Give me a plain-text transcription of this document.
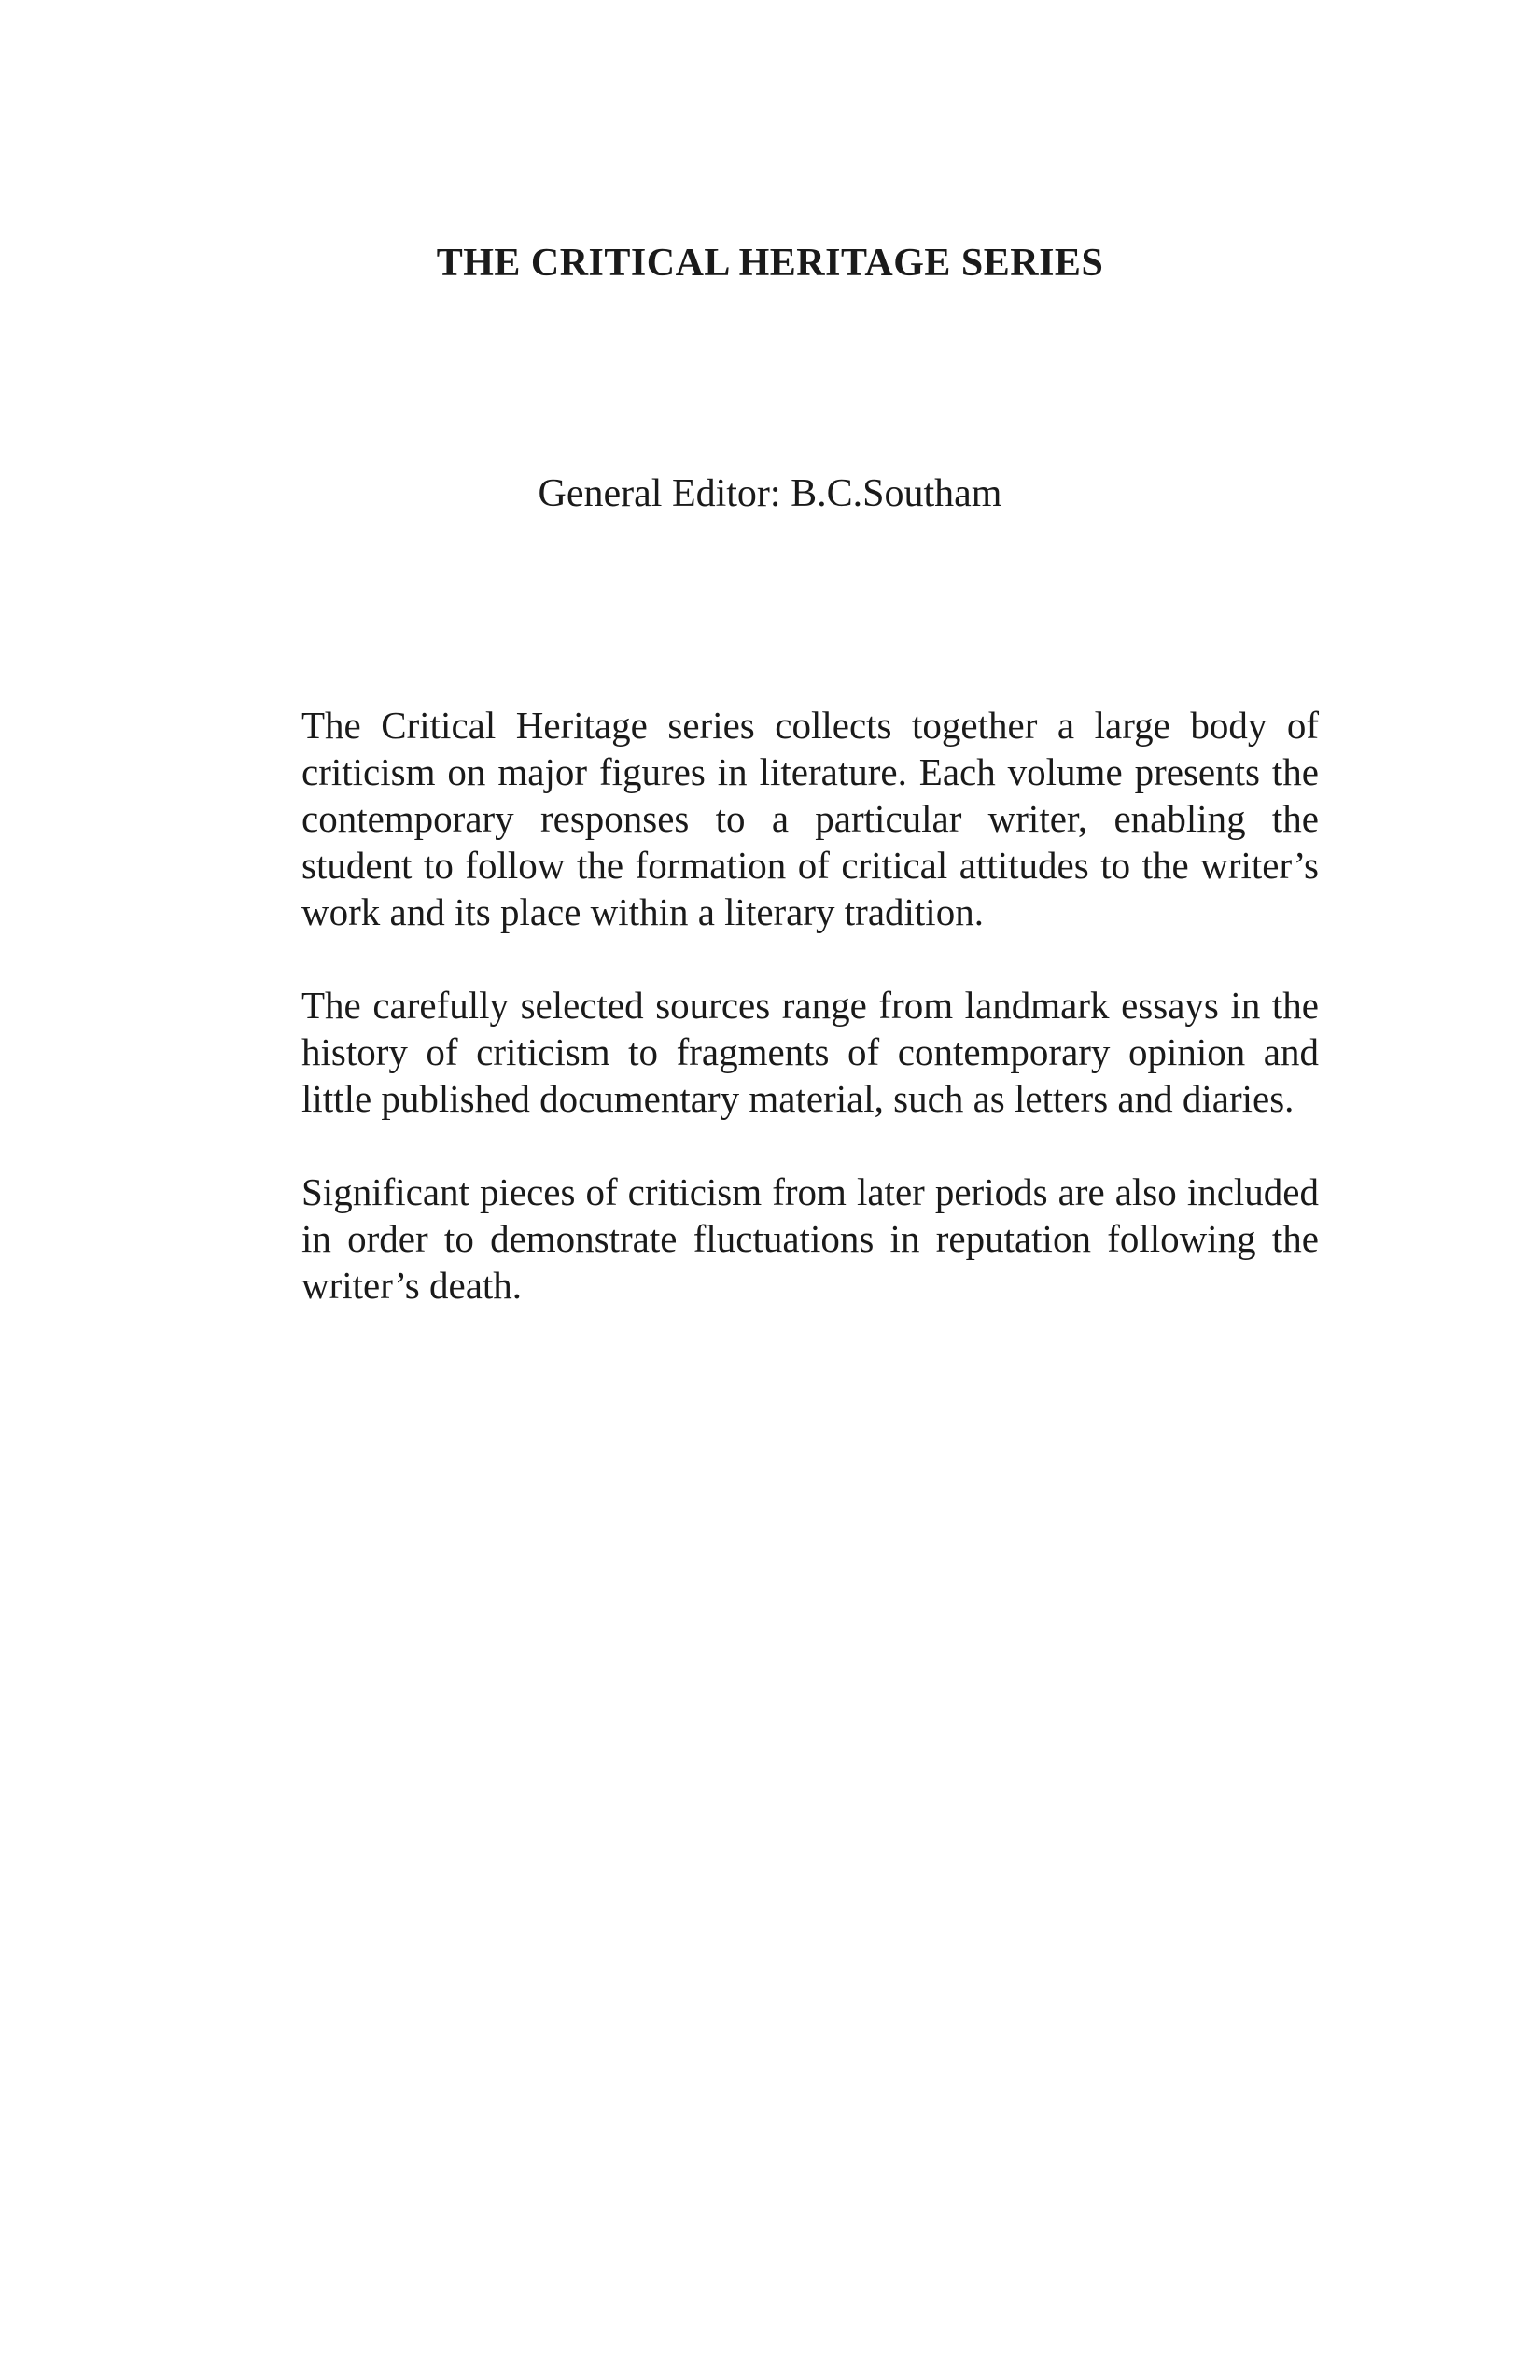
THE CRITICAL HERITAGE SERIES

General Editor: B.C.Southam

The Critical Heritage series collects together a large body of criticism on major figures in literature. Each volume presents the contemporary responses to a particular writer, enabling the student to follow the formation of critical attitudes to the writer’s work and its place within a literary tradition.

The carefully selected sources range from landmark essays in the history of criticism to fragments of contemporary opinion and little published documentary material, such as letters and diaries.

Significant pieces of criticism from later periods are also included in order to demonstrate fluctuations in reputation following the writer’s death.
